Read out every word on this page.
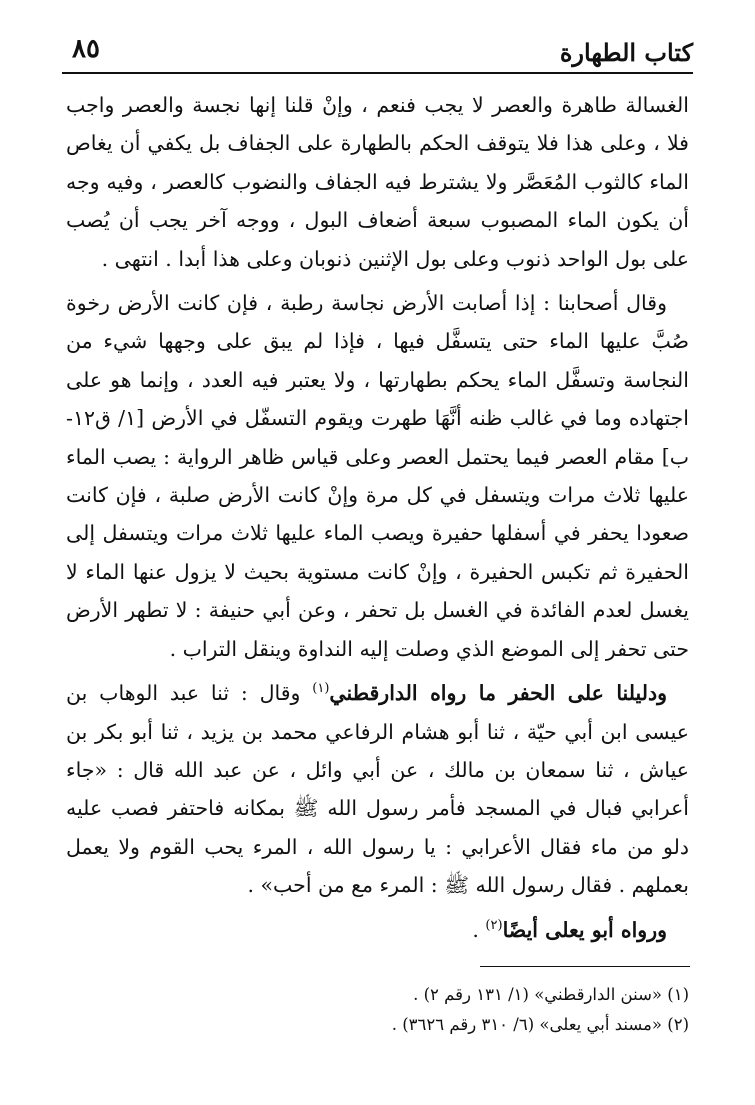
٨٥	كتاب الطهارة

الغسالة طاهرة والعصر لا يجب فنعم ، وإنْ قلنا إنها نجسة والعصر واجب فلا ، وعلى هذا فلا يتوقف الحكم بالطهارة على الجفاف بل يكفي أن يغاص الماء كالثوب المُعَصَّر ولا يشترط فيه الجفاف والنضوب كالعصر ، وفيه وجه أن يكون الماء المصبوب سبعة أضعاف البول ، ووجه آخر يجب أن يُصب على بول الواحد ذنوب وعلى بول الإثنين ذنوبان وعلى هذا أبدا . انتهى .

وقال أصحابنا : إذا أصابت الأرض نجاسة رطبة ، فإن كانت الأرض رخوة صُبَّ عليها الماء حتى يتسفَّل فيها ، فإذا لم يبق على وجهها شيء من النجاسة وتسفَّل الماء يحكم بطهارتها ، ولا يعتبر فيه العدد ، وإنما هو على اجتهاده وما في غالب ظنه أنَّهَا طهرت ويقوم التسفّل في الأرض [١/ ق١٢-ب] مقام العصر فيما يحتمل العصر وعلى قياس ظاهر الرواية : يصب الماء عليها ثلاث مرات ويتسفل في كل مرة وإنْ كانت الأرض صلبة ، فإن كانت صعودا يحفر في أسفلها حفيرة ويصب الماء عليها ثلاث مرات ويتسفل إلى الحفيرة ثم تكبس الحفيرة ، وإنْ كانت مستوية بحيث لا يزول عنها الماء لا يغسل لعدم الفائدة في الغسل بل تحفر ، وعن أبي حنيفة : لا تطهر الأرض حتى تحفر إلى الموضع الذي وصلت إليه النداوة وينقل التراب .

ودليلنا على الحفر ما رواه الدارقطني$^{(١)}$ وقال : ثنا عبد الوهاب بن عيسى ابن أبي حيّة ، ثنا أبو هشام الرفاعي محمد بن يزيد ، ثنا أبو بكر بن عياش ، ثنا سمعان بن مالك ، عن أبي وائل ، عن عبد الله قال : «جاء أعرابي فبال في المسجد فأمر رسول الله ﷺ بمكانه فاحتفر فصب عليه دلو من ماء فقال الأعرابي : يا رسول الله ، المرء يحب القوم ولا يعمل بعملهم . فقال رسول الله ﷺ : المرء مع من أحب» .

ورواه أبو يعلى أيضًا$^{(٢)}$ .

(١) «سنن الدارقطني» (١/ ١٣١ رقم ٢) .

(٢) «مسند أبي يعلى» (٦/ ٣١٠ رقم ٣٦٢٦) .
